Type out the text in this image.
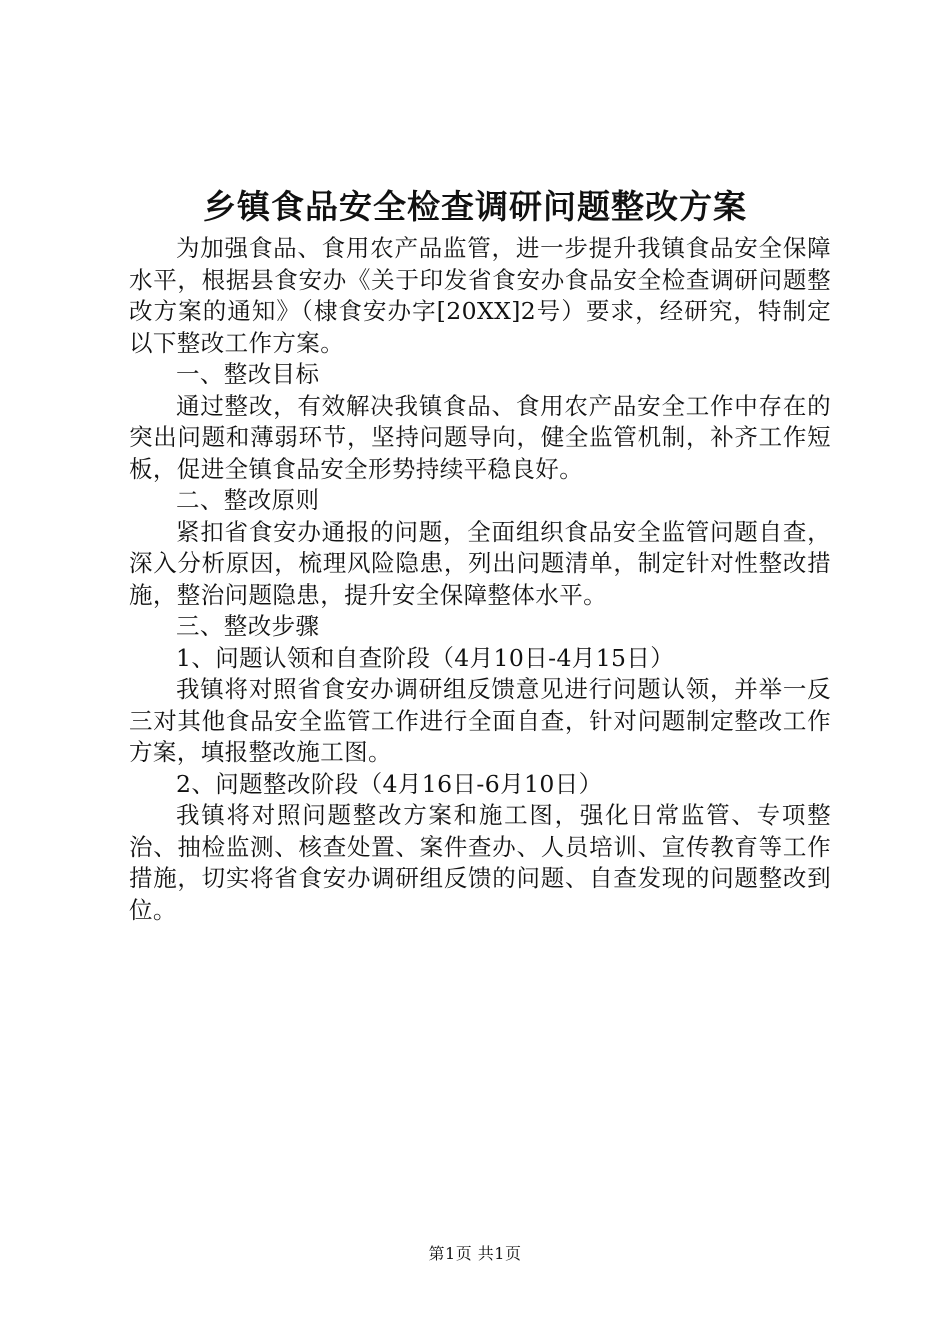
乡镇食品安全检查调研问题整改方案

为加强食品、食用农产品监管，进一步提升我镇食品安全保障水平，根据县食安办《关于印发省食安办食品安全检查调研问题整改方案的通知》（棣食安办字[20XX]2号）要求，经研究，特制定以下整改工作方案。

一、整改目标

通过整改，有效解决我镇食品、食用农产品安全工作中存在的突出问题和薄弱环节，坚持问题导向，健全监管机制，补齐工作短板，促进全镇食品安全形势持续平稳良好。

二、整改原则

紧扣省食安办通报的问题，全面组织食品安全监管问题自查，深入分析原因，梳理风险隐患，列出问题清单，制定针对性整改措施，整治问题隐患，提升安全保障整体水平。

三、整改步骤

1、问题认领和自查阶段（4月10日-4月15日）

我镇将对照省食安办调研组反馈意见进行问题认领，并举一反三对其他食品安全监管工作进行全面自查，针对问题制定整改工作方案，填报整改施工图。

2、问题整改阶段（4月16日-6月10日）

我镇将对照问题整改方案和施工图，强化日常监管、专项整治、抽检监测、核查处置、案件查办、人员培训、宣传教育等工作措施，切实将省食安办调研组反馈的问题、自查发现的问题整改到位。

第1页 共1页
